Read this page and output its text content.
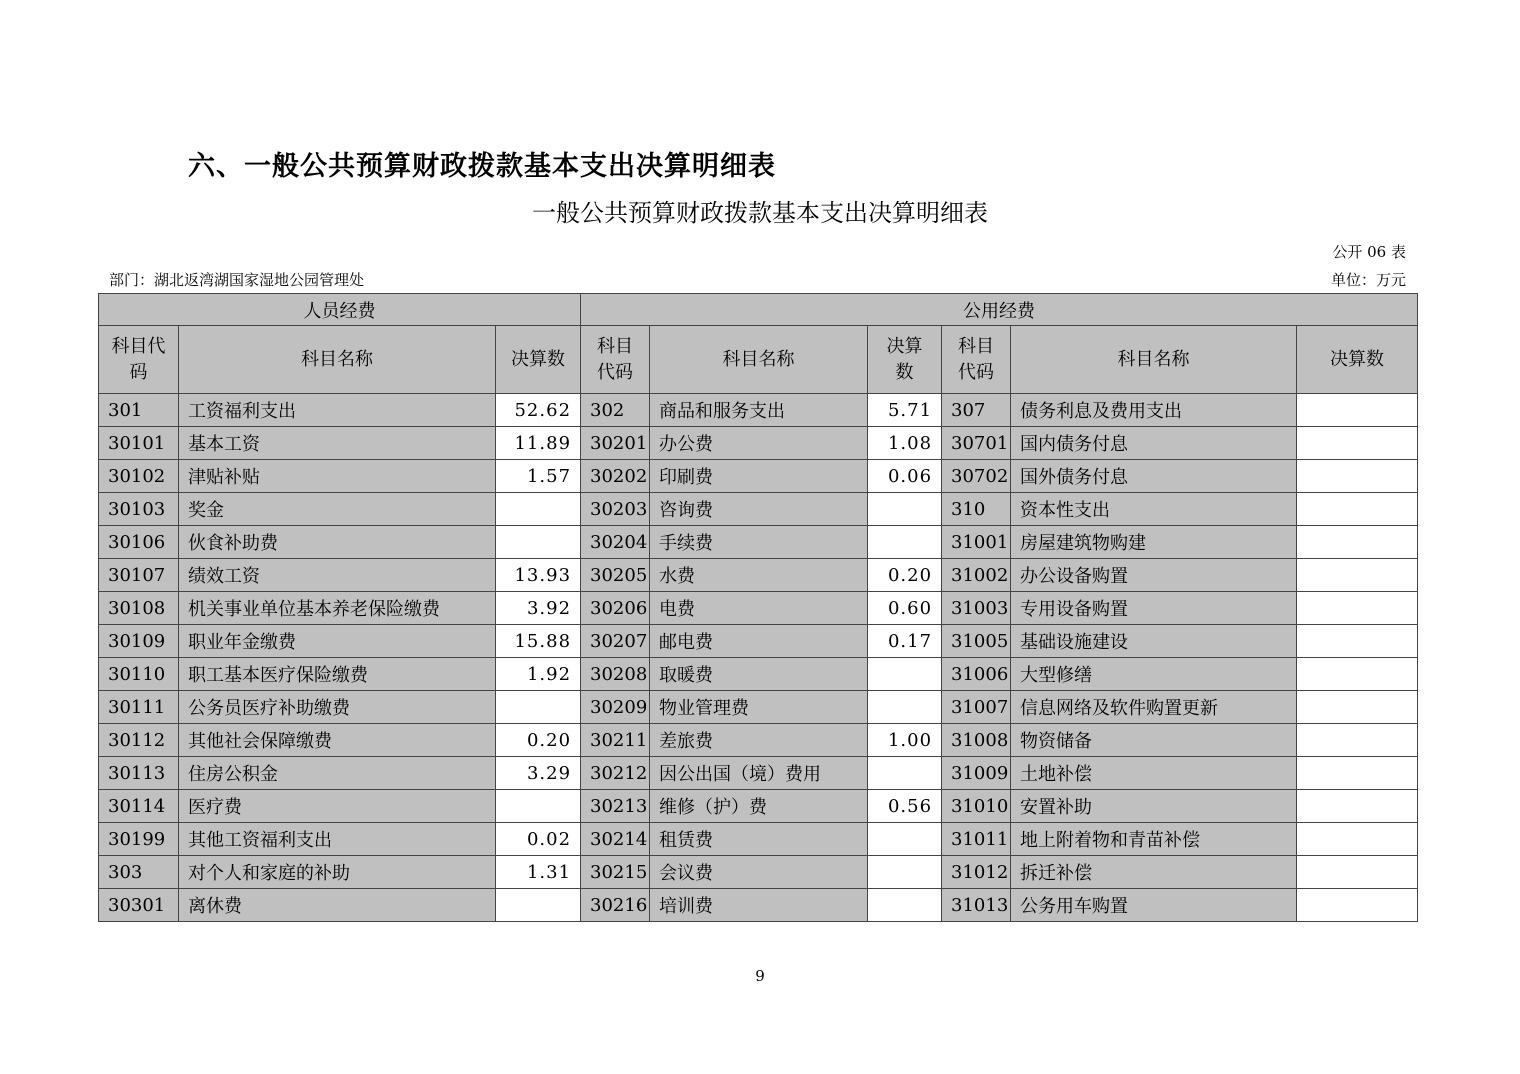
六、一般公共预算财政拨款基本支出决算明细表
一般公共预算财政拨款基本支出决算明细表
公开 06 表
部门：湖北返湾湖国家湿地公园管理处	单位：万元
人员经费			公用经费					
科目代码	科目名称	决算数	科目代码	科目名称	决算数	科目代码	科目名称	决算数
301	工资福利支出	52.62	302	商品和服务支出	5.71	307	债务利息及费用支出	
30101	基本工资	11.89	30201	办公费	1.08	30701	国内债务付息	
30102	津贴补贴	1.57	30202	印刷费	0.06	30702	国外债务付息	
30103	奖金		30203	咨询费		310	资本性支出	
30106	伙食补助费		30204	手续费		31001	房屋建筑物购建	
30107	绩效工资	13.93	30205	水费	0.20	31002	办公设备购置	
30108	机关事业单位基本养老保险缴费	3.92	30206	电费	0.60	31003	专用设备购置	
30109	职业年金缴费	15.88	30207	邮电费	0.17	31005	基础设施建设	
30110	职工基本医疗保险缴费	1.92	30208	取暖费		31006	大型修缮	
30111	公务员医疗补助缴费		30209	物业管理费		31007	信息网络及软件购置更新	
30112	其他社会保障缴费	0.20	30211	差旅费	1.00	31008	物资储备	
30113	住房公积金	3.29	30212	因公出国（境）费用		31009	土地补偿	
30114	医疗费		30213	维修（护）费	0.56	31010	安置补助	
30199	其他工资福利支出	0.02	30214	租赁费		31011	地上附着物和青苗补偿	
303	对个人和家庭的补助	1.31	30215	会议费		31012	拆迁补偿	
30301	离休费		30216	培训费		31013	公务用车购置	
9
